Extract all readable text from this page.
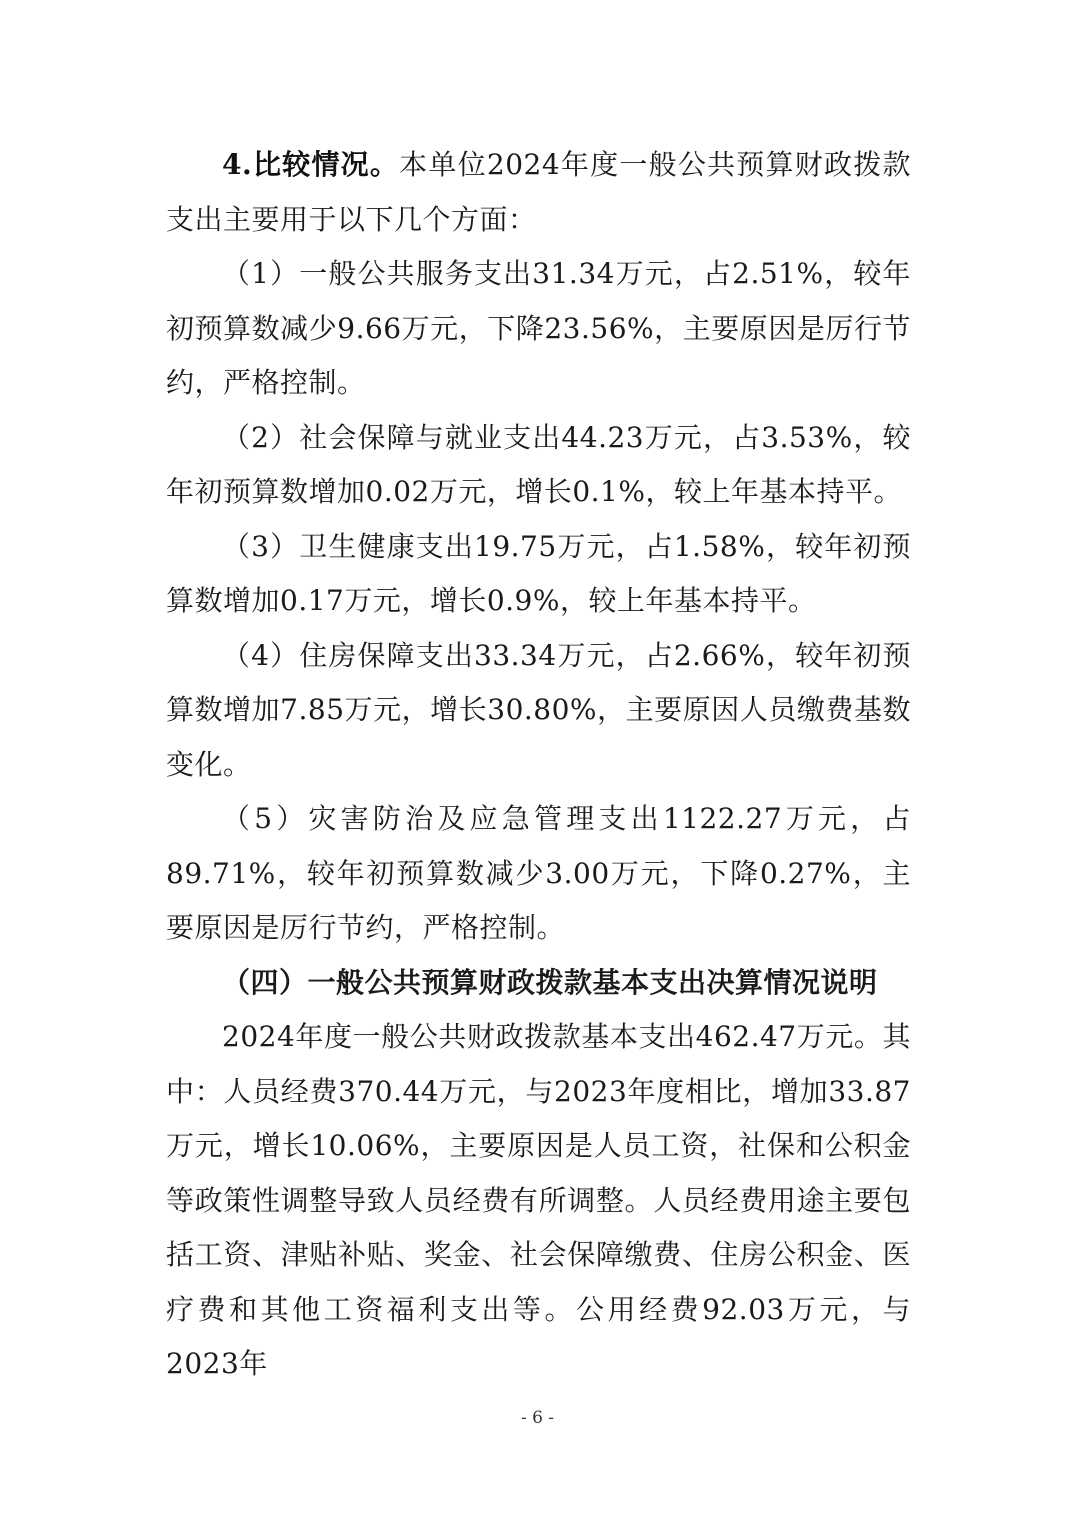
4.比较情况。本单位2024年度一般公共预算财政拨款支出主要用于以下几个方面：

（1）一般公共服务支出31.34万元，占2.51%，较年初预算数减少9.66万元，下降23.56%，主要原因是厉行节约，严格控制。

（2）社会保障与就业支出44.23万元，占3.53%，较年初预算数增加0.02万元，增长0.1%，较上年基本持平。

（3）卫生健康支出19.75万元，占1.58%，较年初预算数增加0.17万元，增长0.9%，较上年基本持平。

（4）住房保障支出33.34万元，占2.66%，较年初预算数增加7.85万元，增长30.80%，主要原因人员缴费基数变化。

（5）灾害防治及应急管理支出1122.27万元，占89.71%，较年初预算数减少3.00万元，下降0.27%，主要原因是厉行节约，严格控制。

（四）一般公共预算财政拨款基本支出决算情况说明

2024年度一般公共财政拨款基本支出462.47万元。其中：人员经费370.44万元，与2023年度相比，增加33.87万元，增长10.06%，主要原因是人员工资，社保和公积金等政策性调整导致人员经费有所调整。人员经费用途主要包括工资、津贴补贴、奖金、社会保障缴费、住房公积金、医疗费和其他工资福利支出等。公用经费92.03万元，与2023年

- 6 -
